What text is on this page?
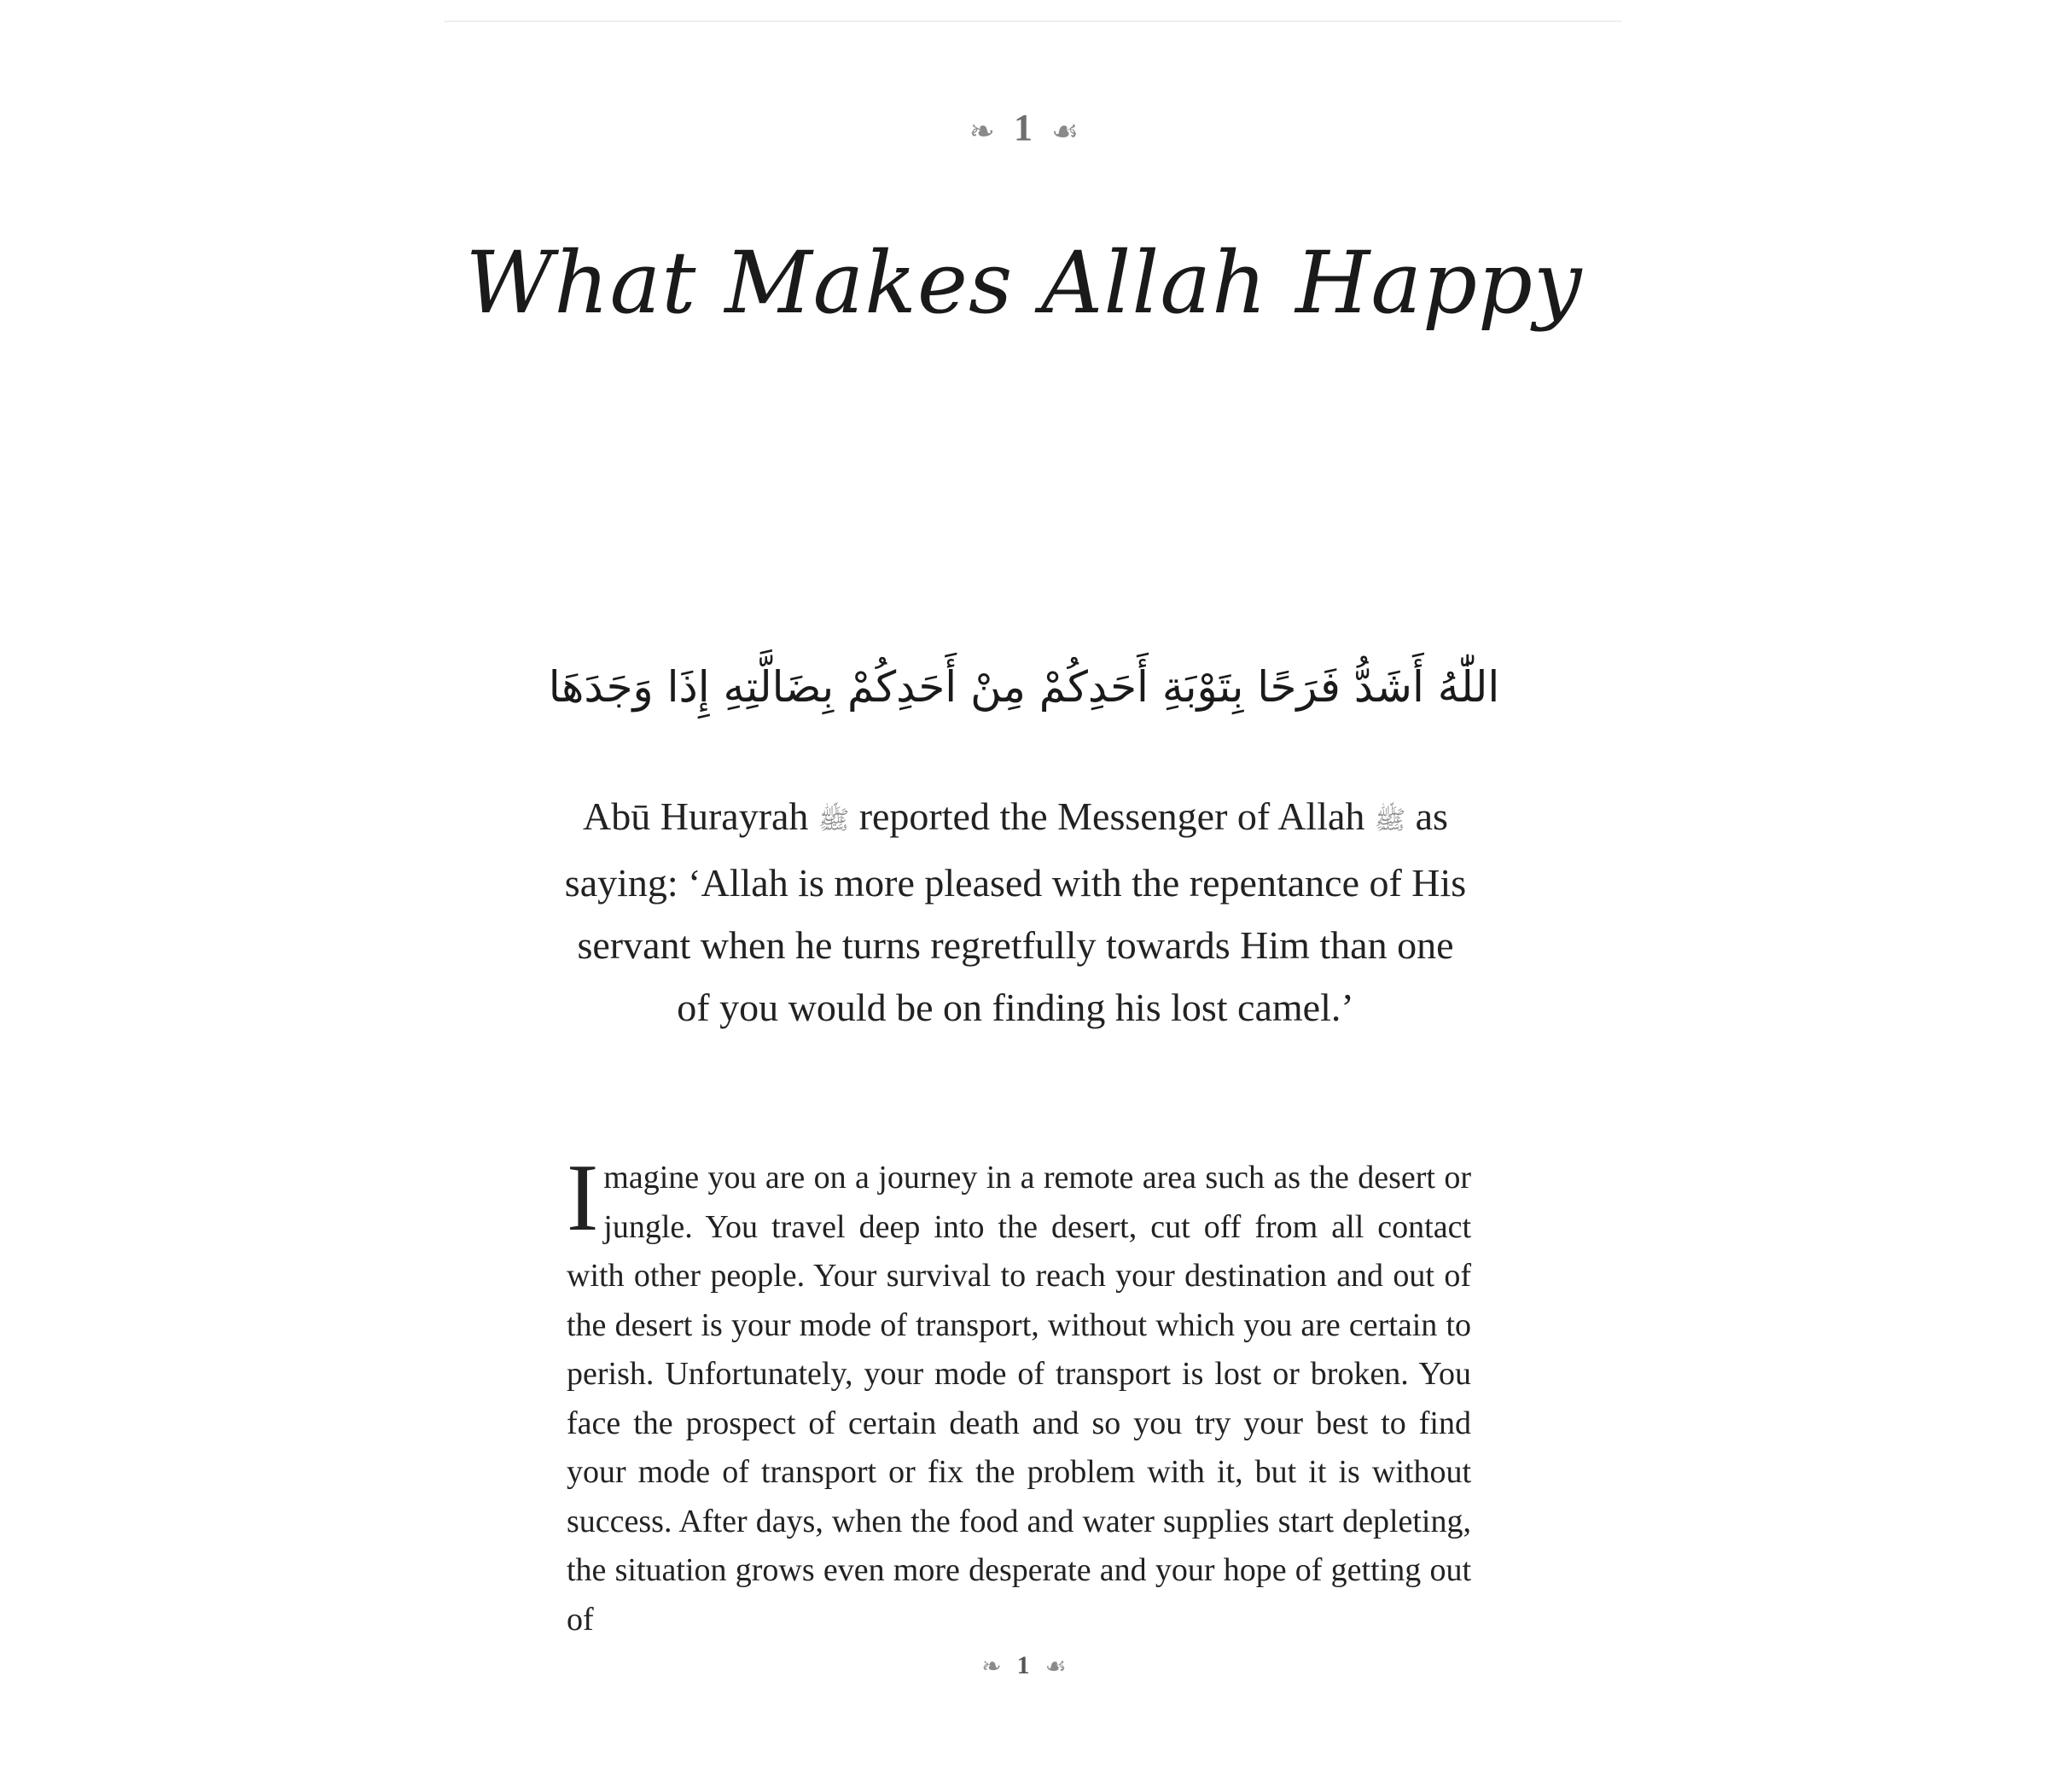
❧ 1 ☙
What Makes Allah Happy
اللّٰهُ أَشَدُّ فَرَحًا بِتَوْبَةِ أَحَدِكُمْ مِنْ أَحَدِكُمْ بِضَالَّتِهِ إِذَا وَجَدَهَا
Abū Hurayrah ﷺ reported the Messenger of Allah ﷺ as saying: ‘Allah is more pleased with the repentance of His servant when he turns regretfully towards Him than one of you would be on finding his lost camel.’
Imagine you are on a journey in a remote area such as the desert or jungle. You travel deep into the desert, cut off from all contact with other people. Your survival to reach your destination and out of the desert is your mode of transport, without which you are certain to perish. Unfortunately, your mode of transport is lost or broken. You face the prospect of certain death and so you try your best to find your mode of transport or fix the problem with it, but it is without success. After days, when the food and water supplies start depleting, the situation grows even more desperate and your hope of getting out of
❧ 1 ☙
